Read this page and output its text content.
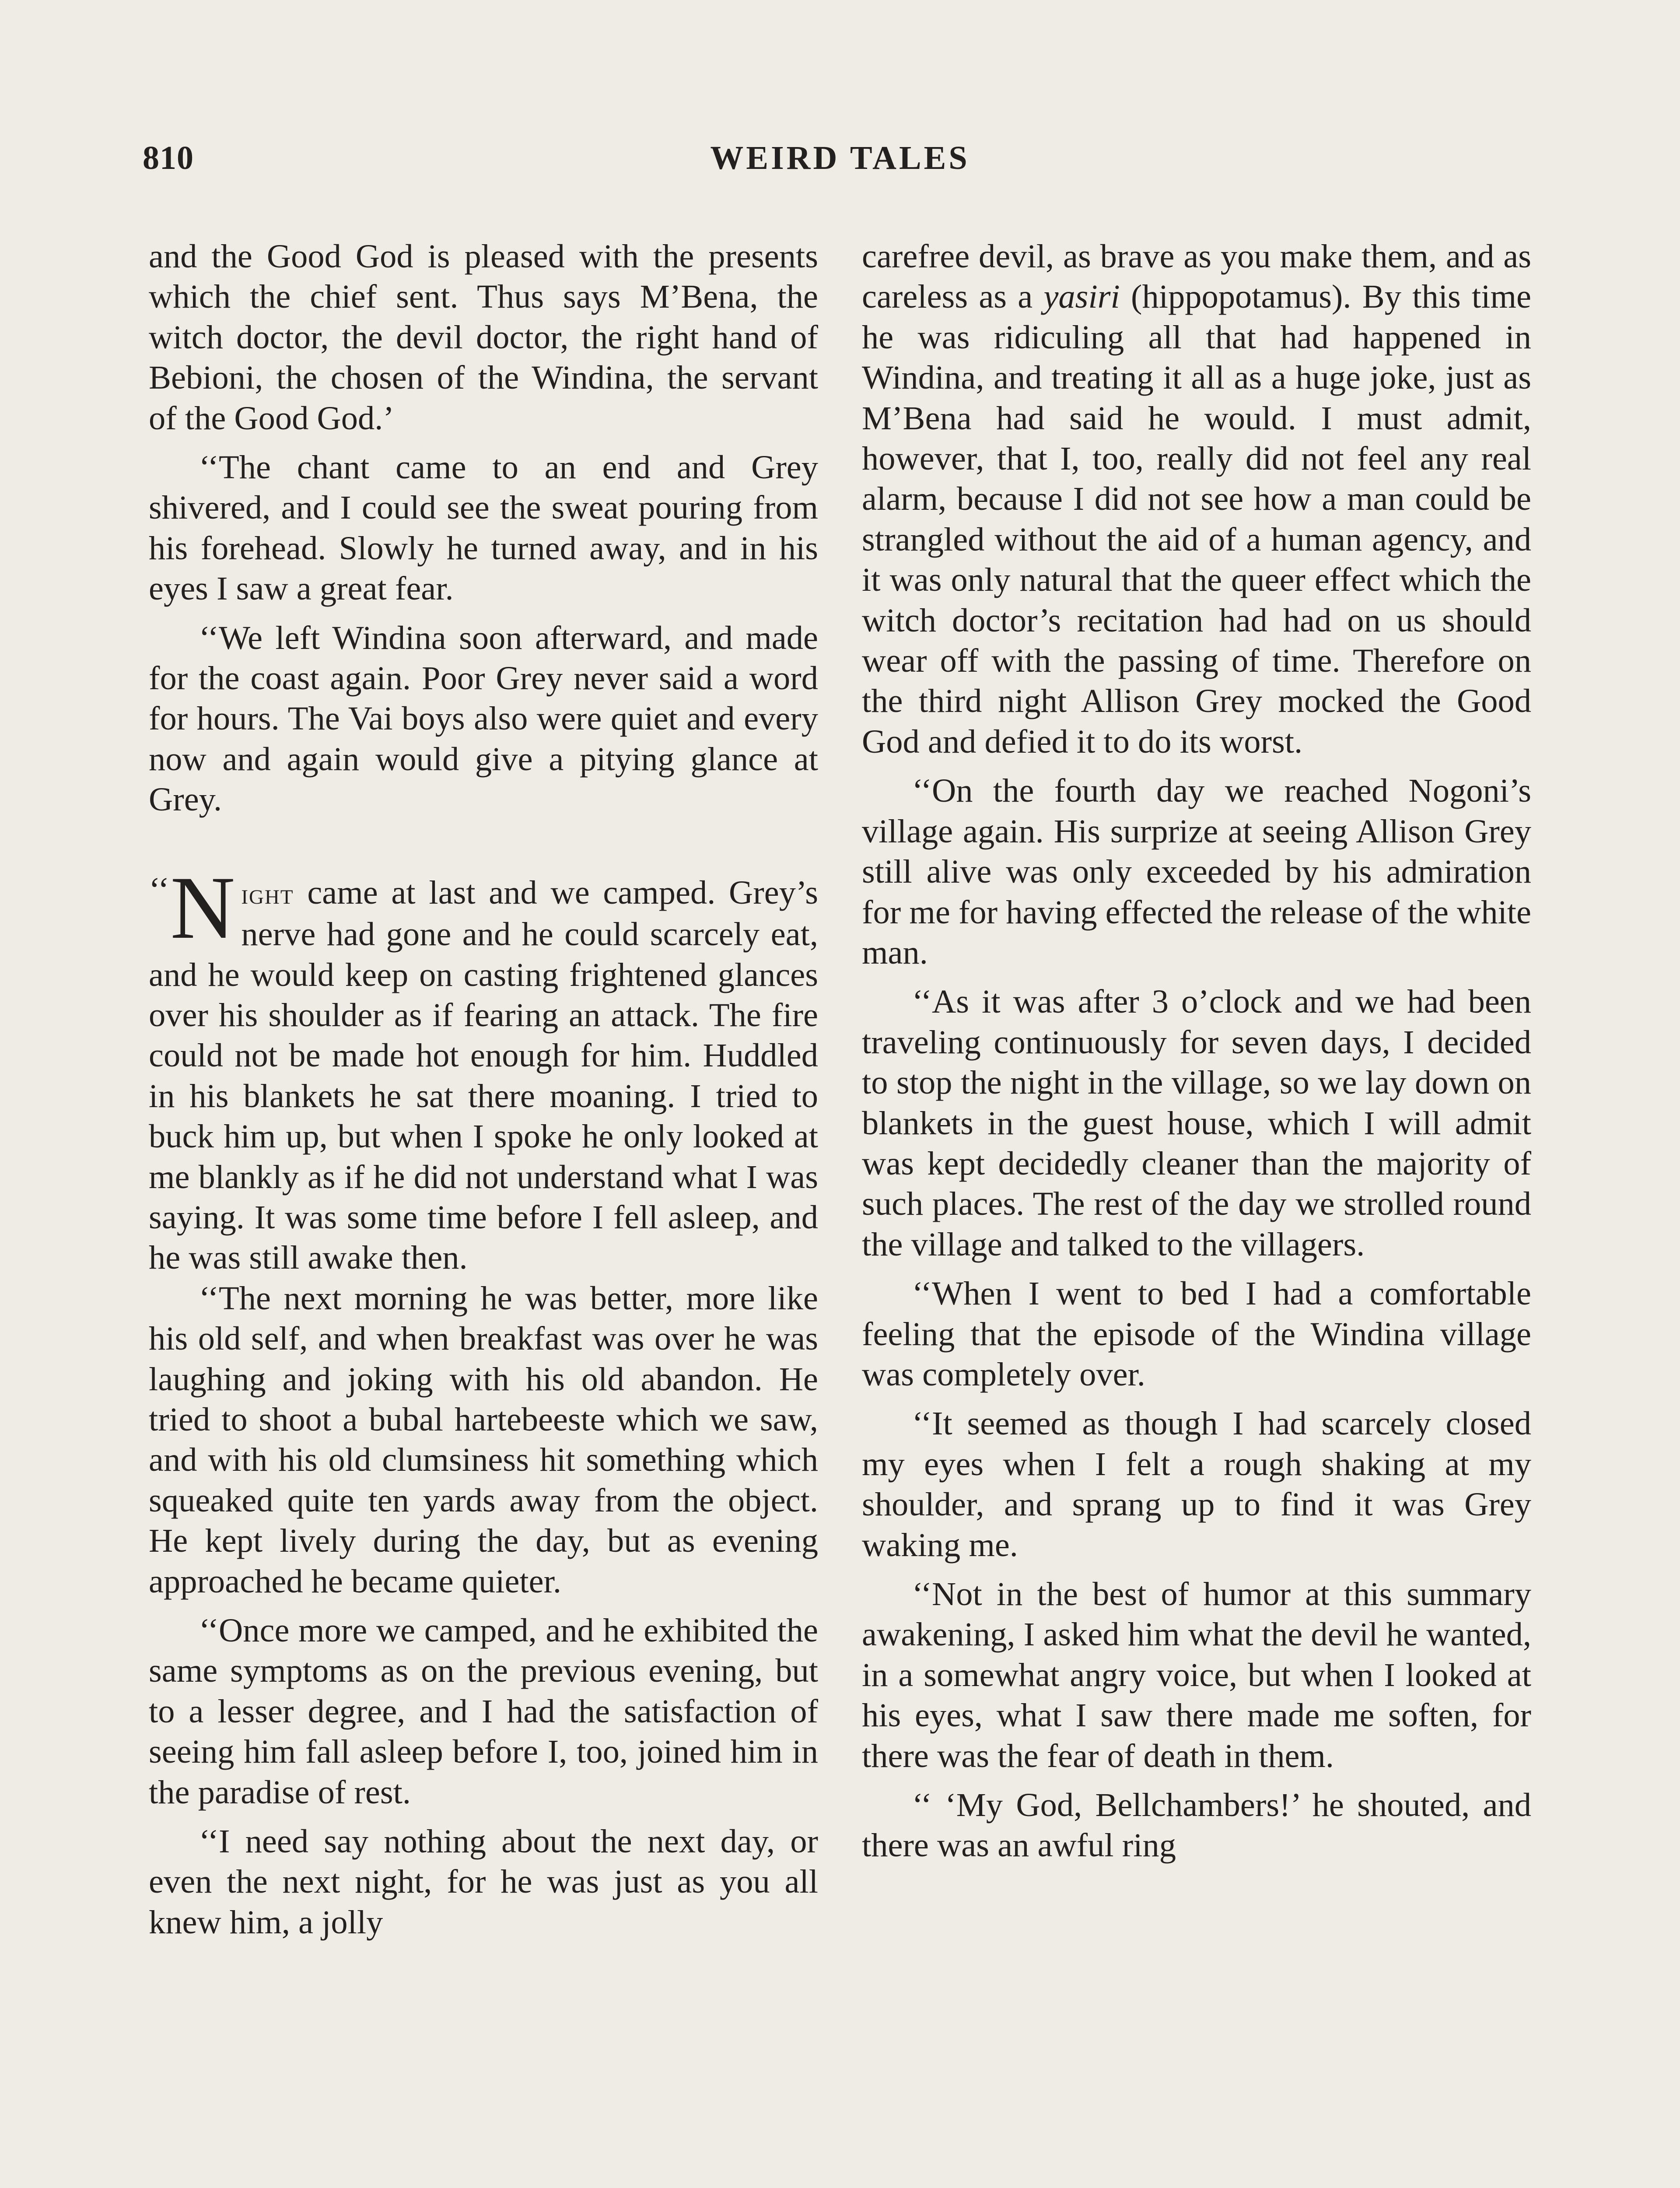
810	WEIRD TALES

and the Good God is pleased with the presents which the chief sent. Thus says M’Bena, the witch doctor, the devil doctor, the right hand of Bebioni, the chosen of the Windina, the servant of the Good God.’

‘‘The chant came to an end and Grey shivered, and I could see the sweat pouring from his forehead. Slowly he turned away, and in his eyes I saw a great fear.

‘‘We left Windina soon afterward, and made for the coast again. Poor Grey never said a word for hours. The Vai boys also were quiet and every now and again would give a pitying glance at Grey.

‘‘ N ight came at last and we camped. Grey’s nerve had gone and he could scarcely eat, and he would keep on casting frightened glances over his shoulder as if fearing an attack. The fire could not be made hot enough for him. Huddled in his blankets he sat there moaning. I tried to buck him up, but when I spoke he only looked at me blankly as if he did not understand what I was saying. It was some time before I fell asleep, and he was still awake then.

‘‘The next morning he was better, more like his old self, and when breakfast was over he was laughing and joking with his old abandon. He tried to shoot a bubal hartebeeste which we saw, and with his old clumsiness hit something which squeaked quite ten yards away from the object. He kept lively during the day, but as evening approached he became quieter.

‘‘Once more we camped, and he exhibited the same symptoms as on the previous evening, but to a lesser degree, and I had the satisfaction of seeing him fall asleep before I, too, joined him in the paradise of rest.

‘‘I need say nothing about the next day, or even the next night, for he was just as you all knew him, a jolly

carefree devil, as brave as you make them, and as careless as a yasiri (hippopotamus). By this time he was ridiculing all that had happened in Windina, and treating it all as a huge joke, just as M’Bena had said he would. I must admit, however, that I, too, really did not feel any real alarm, because I did not see how a man could be strangled without the aid of a human agency, and it was only natural that the queer effect which the witch doctor’s recitation had had on us should wear off with the passing of time. Therefore on the third night Allison Grey mocked the Good God and defied it to do its worst.

‘‘On the fourth day we reached Nogoni’s village again. His surprize at seeing Allison Grey still alive was only exceeded by his admiration for me for having effected the release of the white man.

‘‘As it was after 3 o’clock and we had been traveling continuously for seven days, I decided to stop the night in the village, so we lay down on blankets in the guest house, which I will admit was kept decidedly cleaner than the majority of such places. The rest of the day we strolled round the village and talked to the villagers.

‘‘When I went to bed I had a comfortable feeling that the episode of the Windina village was completely over.

‘‘It seemed as though I had scarcely closed my eyes when I felt a rough shaking at my shoulder, and sprang up to find it was Grey waking me.

‘‘Not in the best of humor at this summary awakening, I asked him what the devil he wanted, in a somewhat angry voice, but when I looked at his eyes, what I saw there made me soften, for there was the fear of death in them.

‘‘ ‘My God, Bellchambers!’ he shouted, and there was an awful ring
